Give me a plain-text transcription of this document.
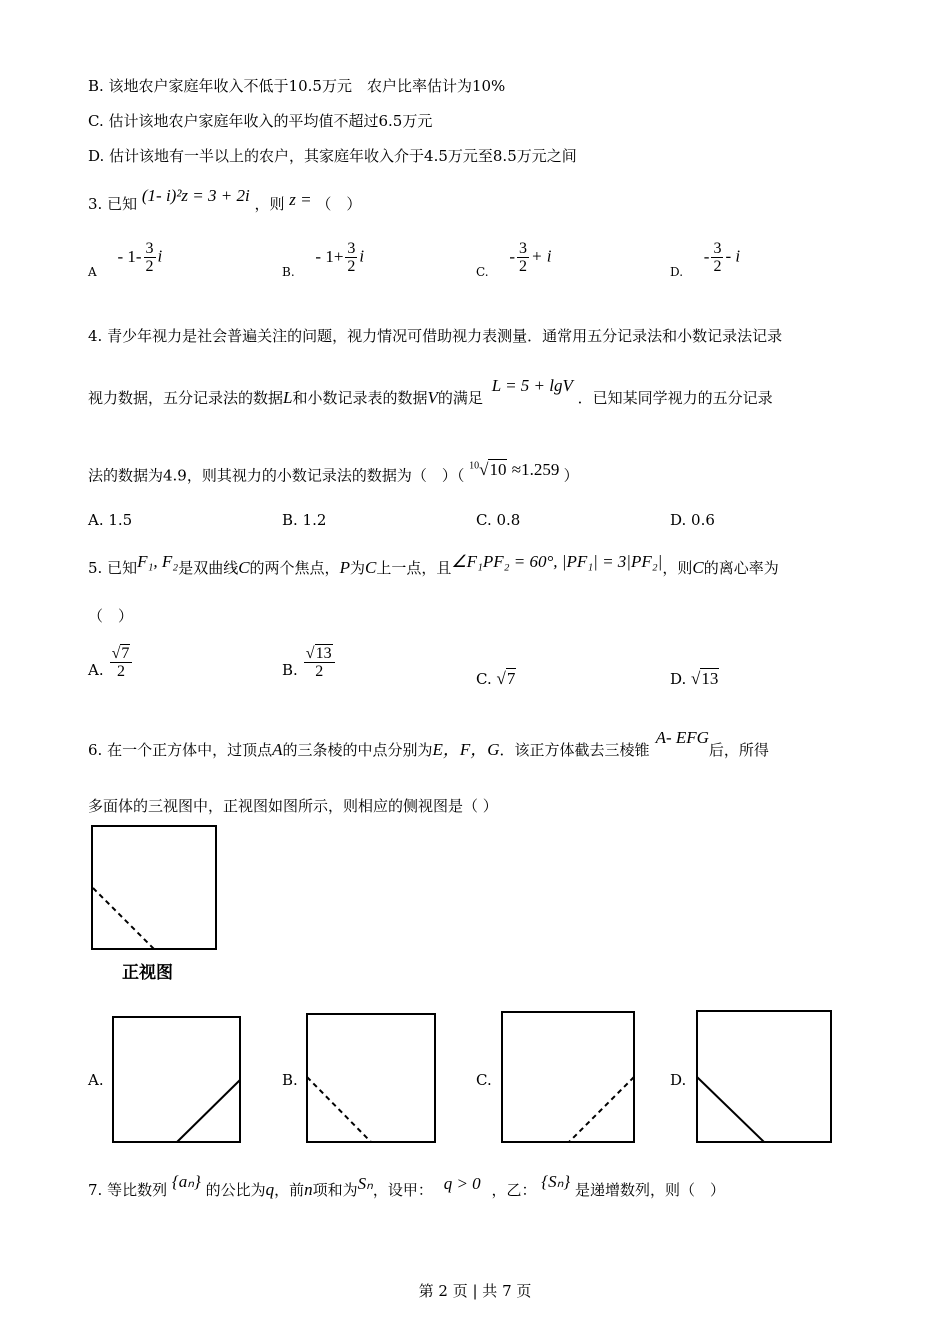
B. 该地农户家庭年收入不低于10.5万元　农户比率估计为10%
C. 估计该地农户家庭年收入的平均值不超过6.5万元
D. 估计该地有一半以上的农户，其家庭年收入介于4.5万元至8.5万元之间
3. 已知 (1- i)²z = 3 + 2i ，则 z = （　）
$_A - 1- \frac{3}{2}$ i
$_{B.} - 1+ \frac{3}{2}$ i
$_{C.} - \frac{3}{2} + i$
$_{D.} - \frac{3}{2}$ - i
4. 青少年视力是社会普遍关注的问题，视力情况可借助视力表测量．通常用五分记录法和小数记录法记录
视力数据，五分记录法的数据L和小数记录表的数据V的满足 L = 5 + lgV ．已知某同学视力的五分记录
法的数据为4.9，则其视力的小数记录法的数据为（　）（ $^{10}$√10 ≈1.259 ）
A. 1.5	B. 1.2	C. 0.8	D. 0.6
5. 已知F₁, F₂是双曲线C的两个焦点，P为C上一点，且∠F₁PF₂ = 60°, |PF₁| = 3|PF₂|，则C的离心率为
（　）
A. $\frac{√7}{2}$	B. $\frac{√13}{2}$	C. √7	D. √13
6. 在一个正方体中，过顶点A的三条棱的中点分别为E，F，G．该正方体截去三棱锥A- EFG后，所得
多面体的三视图中，正视图如图所示，则相应的侧视图是（ ）
正视图
A.	B.	C.	D.
7. 等比数列 {aₙ} 的公比为q，前n项和为Sₙ，设甲： q > 0 ，乙： {Sₙ} 是递增数列，则（　）
第 2 页 | 共 7 页
